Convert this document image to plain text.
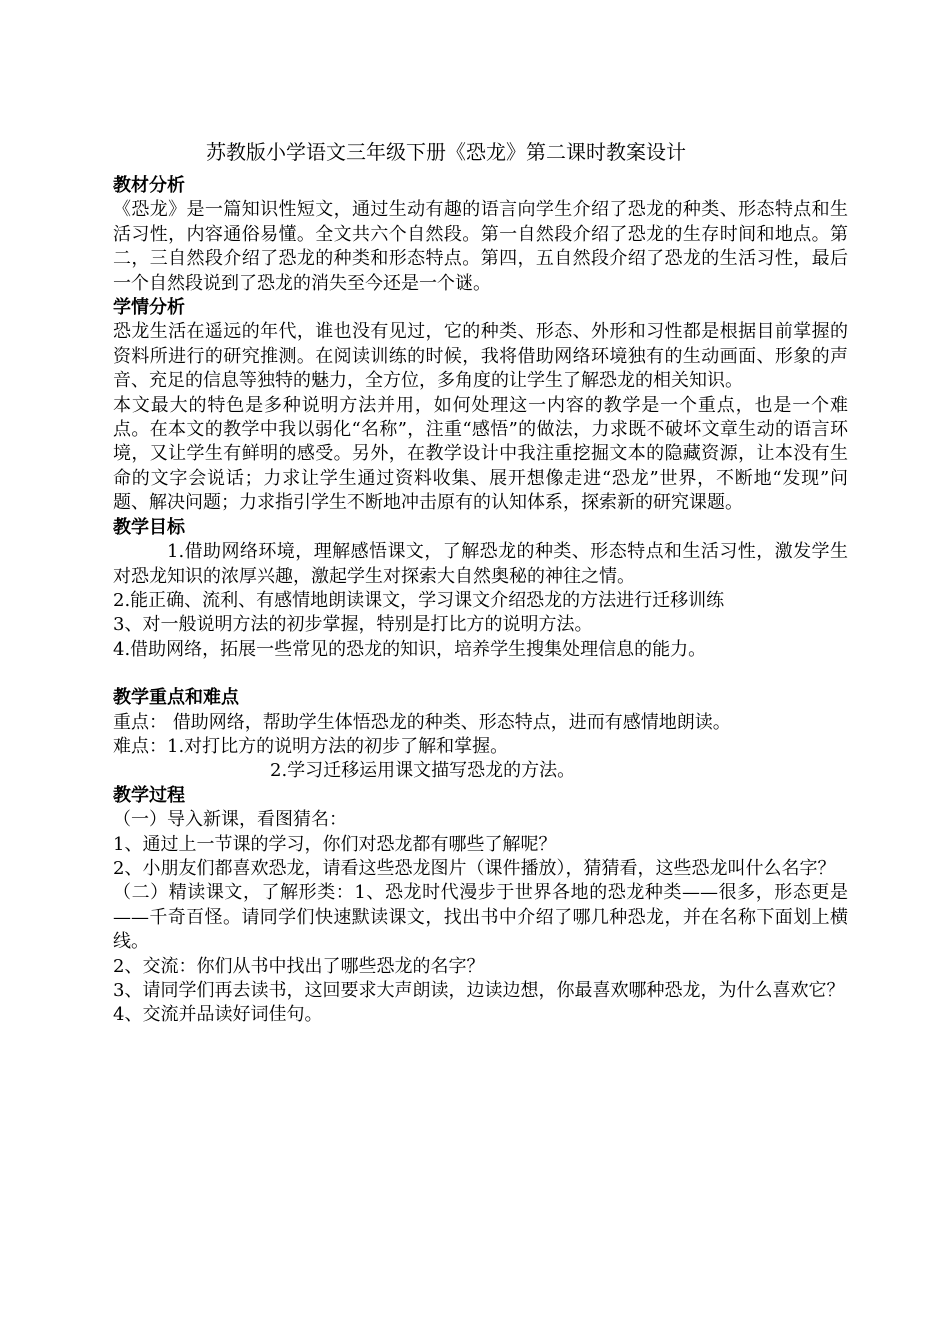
苏教版小学语文三年级下册《恐龙》第二课时教案设计
教材分析

《恐龙》是一篇知识性短文，通过生动有趣的语言向学生介绍了恐龙的种类、形态特点和生活习性，内容通俗易懂。全文共六个自然段。第一自然段介绍了恐龙的生存时间和地点。第二，三自然段介绍了恐龙的种类和形态特点。第四，五自然段介绍了恐龙的生活习性，最后一个自然段说到了恐龙的消失至今还是一个谜。

学情分析

恐龙生活在遥远的年代，谁也没有见过，它的种类、形态、外形和习性都是根据目前掌握的资料所进行的研究推测。在阅读训练的时候，我将借助网络环境独有的生动画面、形象的声音、充足的信息等独特的魅力，全方位，多角度的让学生了解恐龙的相关知识。

本文最大的特色是多种说明方法并用，如何处理这一内容的教学是一个重点，也是一个难点。在本文的教学中我以弱化“名称”，注重“感悟”的做法，力求既不破坏文章生动的语言环境，又让学生有鲜明的感受。另外，在教学设计中我注重挖掘文本的隐藏资源，让本没有生命的文字会说话；力求让学生通过资料收集、展开想像走进“恐龙”世界，不断地“发现”问题、解决问题；力求指引学生不断地冲击原有的认知体系，探索新的研究课题。

教学目标

1.借助网络环境，理解感悟课文，了解恐龙的种类、形态特点和生活习性，激发学生对恐龙知识的浓厚兴趣，激起学生对探索大自然奥秘的神往之情。

2.能正确、流利、有感情地朗读课文，学习课文介绍恐龙的方法进行迁移训练

3、对一般说明方法的初步掌握，特别是打比方的说明方法。

4.借助网络，拓展一些常见的恐龙的知识，培养学生搜集处理信息的能力。

教学重点和难点

重点： 借助网络，帮助学生体悟恐龙的种类、形态特点，进而有感情地朗读。

难点：1.对打比方的说明方法的初步了解和掌握。

2.学习迁移运用课文描写恐龙的方法。

教学过程

（一）导入新课，看图猜名：

1、通过上一节课的学习，你们对恐龙都有哪些了解呢？

2、小朋友们都喜欢恐龙，请看这些恐龙图片（课件播放），猜猜看，这些恐龙叫什么名字？

（二）精读课文，了解形类：1、恐龙时代漫步于世界各地的恐龙种类——很多，形态更是——千奇百怪。请同学们快速默读课文，找出书中介绍了哪几种恐龙，并在名称下面划上横线。

2、交流：你们从书中找出了哪些恐龙的名字？

3、请同学们再去读书，这回要求大声朗读，边读边想，你最喜欢哪种恐龙，为什么喜欢它？

4、交流并品读好词佳句。
